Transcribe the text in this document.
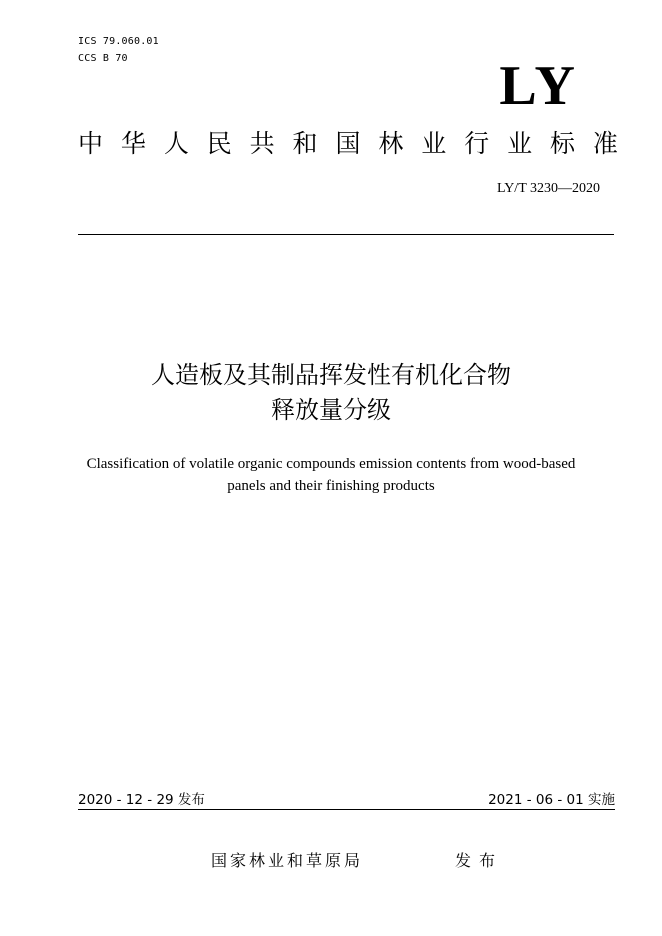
ICS 79.060.01
CCS B 70	LY
中 华 人 民 共 和 国 林 业 行 业 标 准
LY/T 3230—2020
人造板及其制品挥发性有机化合物
释放量分级
Classification of volatile organic compounds emission contents from wood-based
panels and their finishing products
2020 - 12 - 29 发布	2021 - 06 - 01 实施
国家林业和草原局	发布
